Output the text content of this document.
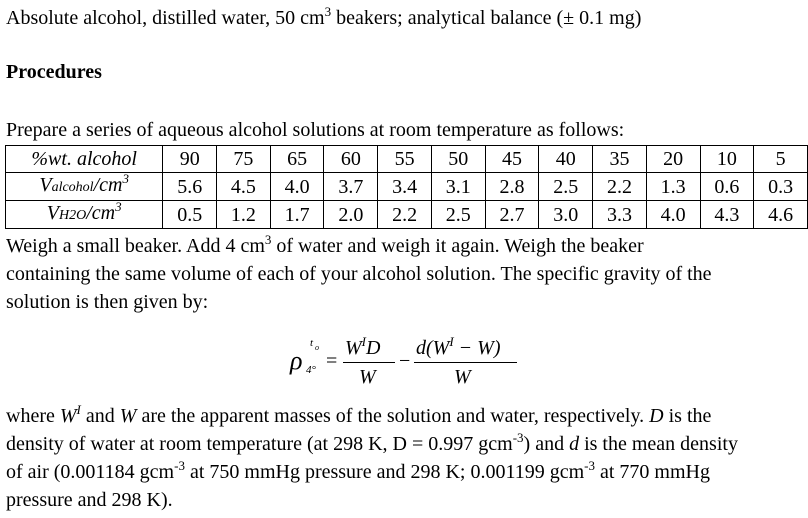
Absolute alcohol, distilled water, 50 $cm^3$ beakers; analytical balance (± 0.1 mg)
Procedures
Prepare a series of aqueous alcohol solutions at room temperature as follows:
%wt. alcohol	90	75	65	60	55	50	45	40	35	20	10	5
Valcohol/$cm^3$	5.6	4.5	4.0	3.7	3.4	3.1	2.8	2.5	2.2	1.3	0.6	0.3
$VH2O/cm^3$	0.5	1.2	1.7	2.0	2.2	2.5	2.7	3.0	3.3	4.0	4.3	4.6
Weigh a small beaker. Add 4 $cm^3$ of water and weigh it again. Weigh the beaker
containing the same volume of each of your alcohol solution. The specific gravity of the
solution is then given by:
ρ
t o
4° =
$W^ID$
W
−
$d(W^I - W)$
W
where $W^I$ and W are the apparent masses of the solution and water, respectively. D is the
density of water at room temperature (at 298 K, D = 0.997 gcm$^{-3}$) and d is the mean density
of air (0.001184 gcm$^{-3}$ at 750 mmHg pressure and 298 K; 0.001199 gcm$^{-3}$ at 770 mmHg
pressure and 298 K).
